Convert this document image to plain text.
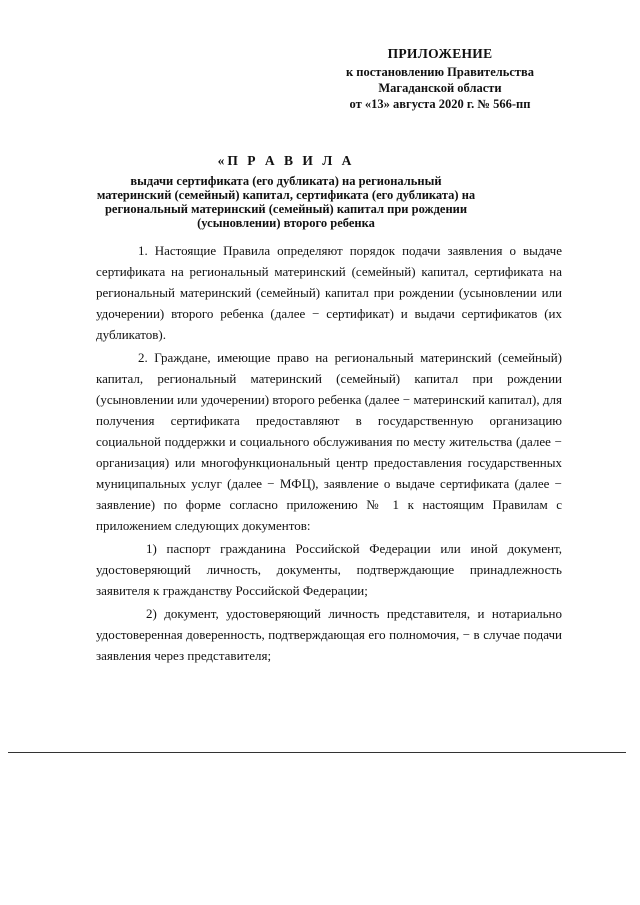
ПРИЛОЖЕНИЕ
к постановлению Правительства
Магаданской области
от «13» августа 2020 г. № 566-пп
«П Р А В И Л А
выдачи сертификата (его дубликата) на региональный материнский (семейный) капитал, сертификата (его дубликата) на региональный материнский (семейный) капитал при рождении (усыновлении) второго ребенка

1. Настоящие Правила определяют порядок подачи заявления о выдаче сертификата на региональный материнский (семейный) капитал, сертификата на региональный материнский (семейный) капитал при рождении (усыновлении или удочерении) второго ребенка (далее − сертификат) и выдачи сертификатов (их дубликатов).

2. Граждане, имеющие право на региональный материнский (семейный) капитал, региональный материнский (семейный) капитал при рождении (усыновлении или удочерении) второго ребенка (далее − материнский капитал), для получения сертификата предоставляют в государственную организацию социальной поддержки и социального обслуживания по месту жительства (далее − организация) или многофункциональный центр предоставления государственных муниципальных услуг (далее − МФЦ), заявление о выдаче сертификата (далее − заявление) по форме согласно приложению № 1 к настоящим Правилам с приложением следующих документов:

1) паспорт гражданина Российской Федерации или иной документ, удостоверяющий личность, документы, подтверждающие принадлежность заявителя к гражданству Российской Федерации;

2) документ, удостоверяющий личность представителя, и нотариально удостоверенная доверенность, подтверждающая его полномочия, − в случае подачи заявления через представителя;
